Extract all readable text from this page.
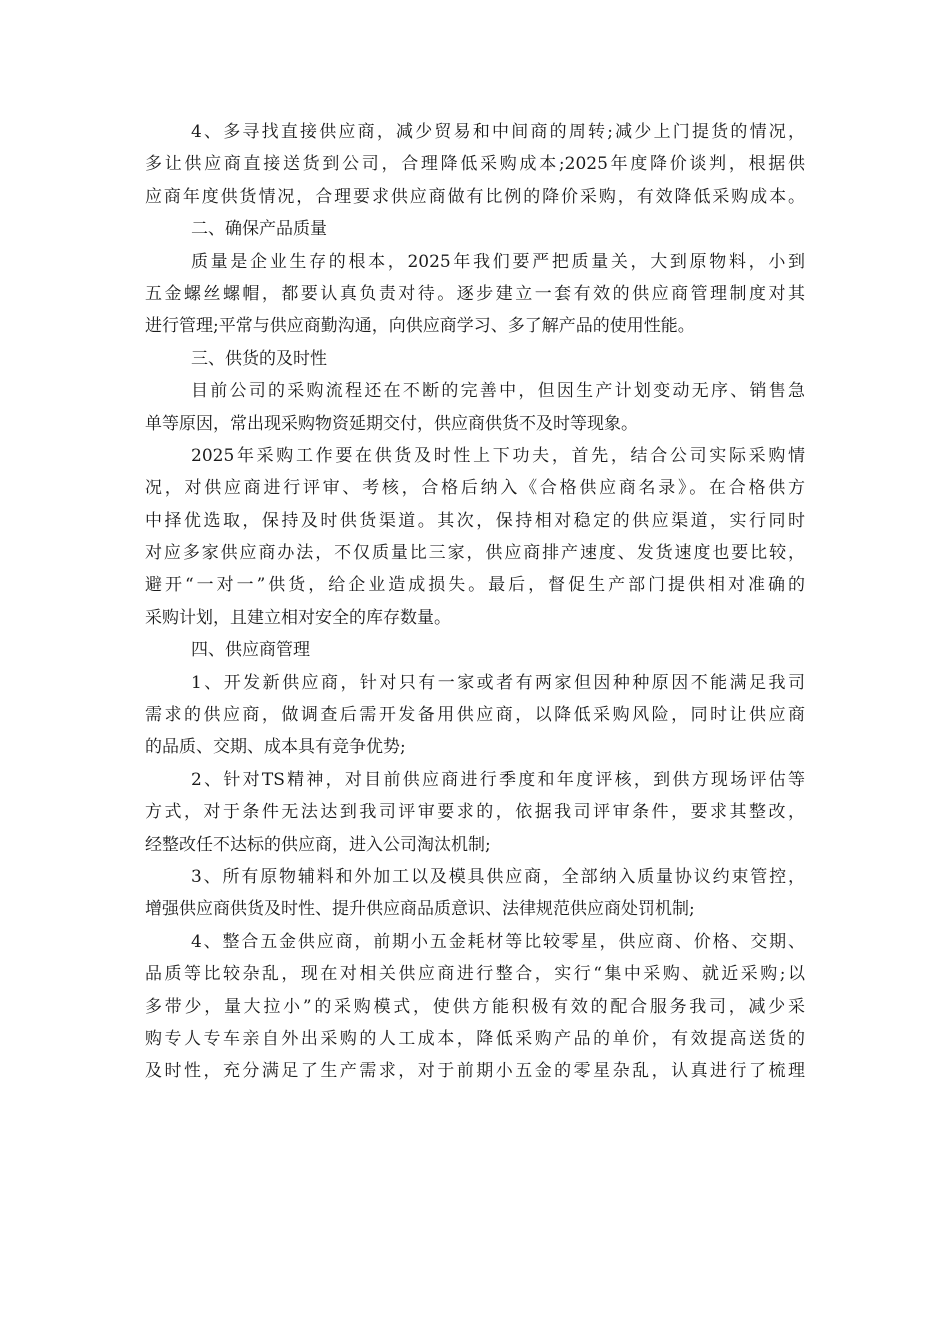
4、多寻找直接供应商，减少贸易和中间商的周转;减少上门提货的情况，
多让供应商直接送货到公司，合理降低采购成本;2025年度降价谈判，根据供
应商年度供货情况，合理要求供应商做有比例的降价采购，有效降低采购成本。
二、确保产品质量
质量是企业生存的根本，2025年我们要严把质量关，大到原物料，小到
五金螺丝螺帽，都要认真负责对待。逐步建立一套有效的供应商管理制度对其
进行管理;平常与供应商勤沟通，向供应商学习、多了解产品的使用性能。
三、供货的及时性
目前公司的采购流程还在不断的完善中，但因生产计划变动无序、销售急
单等原因，常出现采购物资延期交付，供应商供货不及时等现象。
2025年采购工作要在供货及时性上下功夫，首先，结合公司实际采购情
况，对供应商进行评审、考核，合格后纳入《合格供应商名录》。在合格供方
中择优选取，保持及时供货渠道。其次，保持相对稳定的供应渠道，实行同时
对应多家供应商办法，不仅质量比三家，供应商排产速度、发货速度也要比较，
避开“一对一”供货，给企业造成损失。最后，督促生产部门提供相对准确的
采购计划，且建立相对安全的库存数量。
四、供应商管理
1、开发新供应商，针对只有一家或者有两家但因种种原因不能满足我司
需求的供应商，做调查后需开发备用供应商，以降低采购风险，同时让供应商
的品质、交期、成本具有竞争优势;
2、针对TS精神，对目前供应商进行季度和年度评核，到供方现场评估等
方式，对于条件无法达到我司评审要求的，依据我司评审条件，要求其整改，
经整改任不达标的供应商，进入公司淘汰机制;
3、所有原物辅料和外加工以及模具供应商，全部纳入质量协议约束管控，
增强供应商供货及时性、提升供应商品质意识、法律规范供应商处罚机制;
4、整合五金供应商，前期小五金耗材等比较零星，供应商、价格、交期、
品质等比较杂乱，现在对相关供应商进行整合，实行“集中采购、就近采购;以
多带少，量大拉小”的采购模式，使供方能积极有效的配合服务我司，减少采
购专人专车亲自外出采购的人工成本，降低采购产品的单价，有效提高送货的
及时性，充分满足了生产需求，对于前期小五金的零星杂乱，认真进行了梳理
